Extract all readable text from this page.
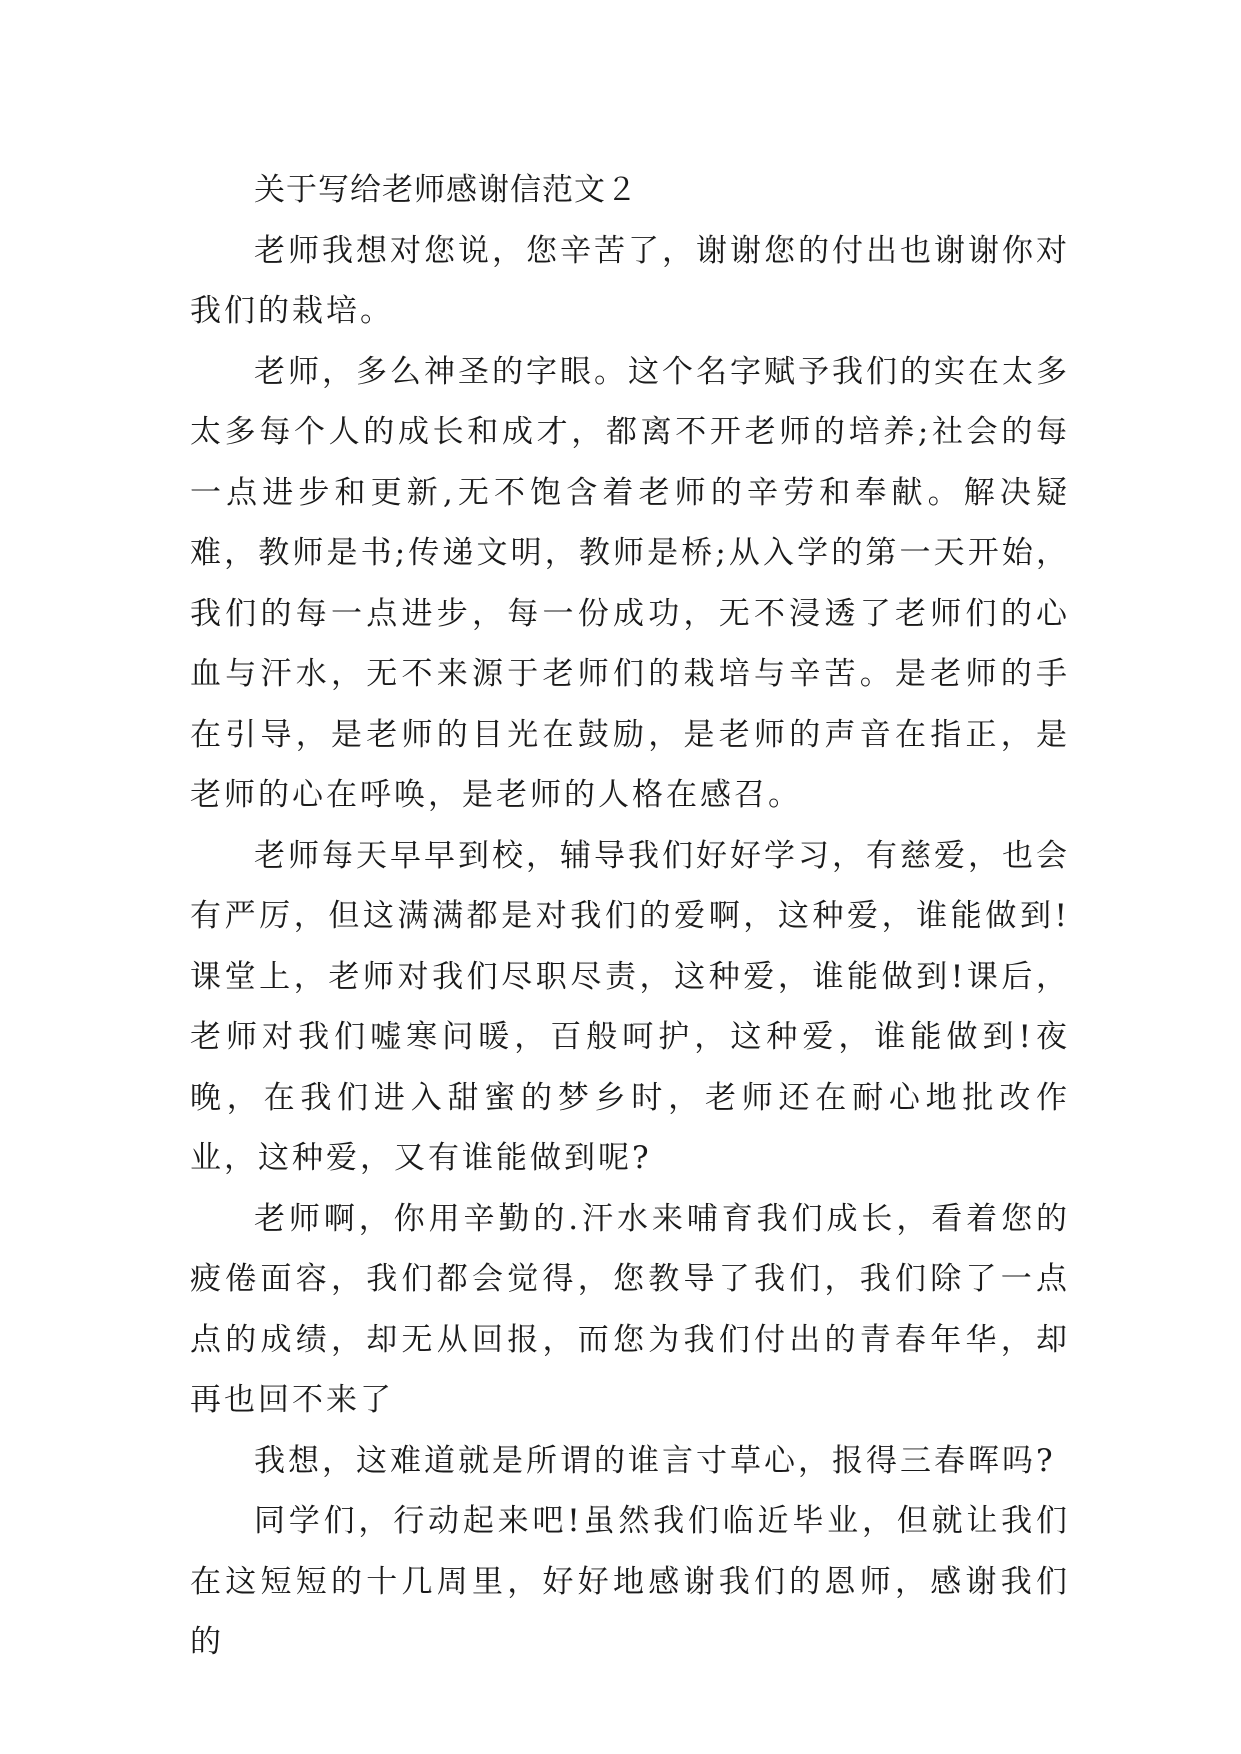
关于写给老师感谢信范文２

老师我想对您说，您辛苦了，谢谢您的付出也谢谢你对我们的栽培。

老师，多么神圣的字眼。这个名字赋予我们的实在太多太多每个人的成长和成才，都离不开老师的培养;社会的每一点进步和更新,无不饱含着老师的辛劳和奉献。解决疑难，教师是书;传递文明，教师是桥;从入学的第一天开始，我们的每一点进步，每一份成功，无不浸透了老师们的心血与汗水，无不来源于老师们的栽培与辛苦。是老师的手在引导，是老师的目光在鼓励，是老师的声音在指正，是老师的心在呼唤，是老师的人格在感召。

老师每天早早到校，辅导我们好好学习，有慈爱，也会有严厉，但这满满都是对我们的爱啊，这种爱，谁能做到!课堂上，老师对我们尽职尽责，这种爱，谁能做到!课后，老师对我们嘘寒问暖，百般呵护，这种爱，谁能做到!夜晚，在我们进入甜蜜的梦乡时，老师还在耐心地批改作业，这种爱，又有谁能做到呢?

老师啊，你用辛勤的.汗水来哺育我们成长，看着您的疲倦面容，我们都会觉得，您教导了我们，我们除了一点点的成绩，却无从回报，而您为我们付出的青春年华，却再也回不来了

我想，这难道就是所谓的谁言寸草心，报得三春晖吗?

同学们，行动起来吧!虽然我们临近毕业，但就让我们在这短短的十几周里，好好地感谢我们的恩师，感谢我们的
